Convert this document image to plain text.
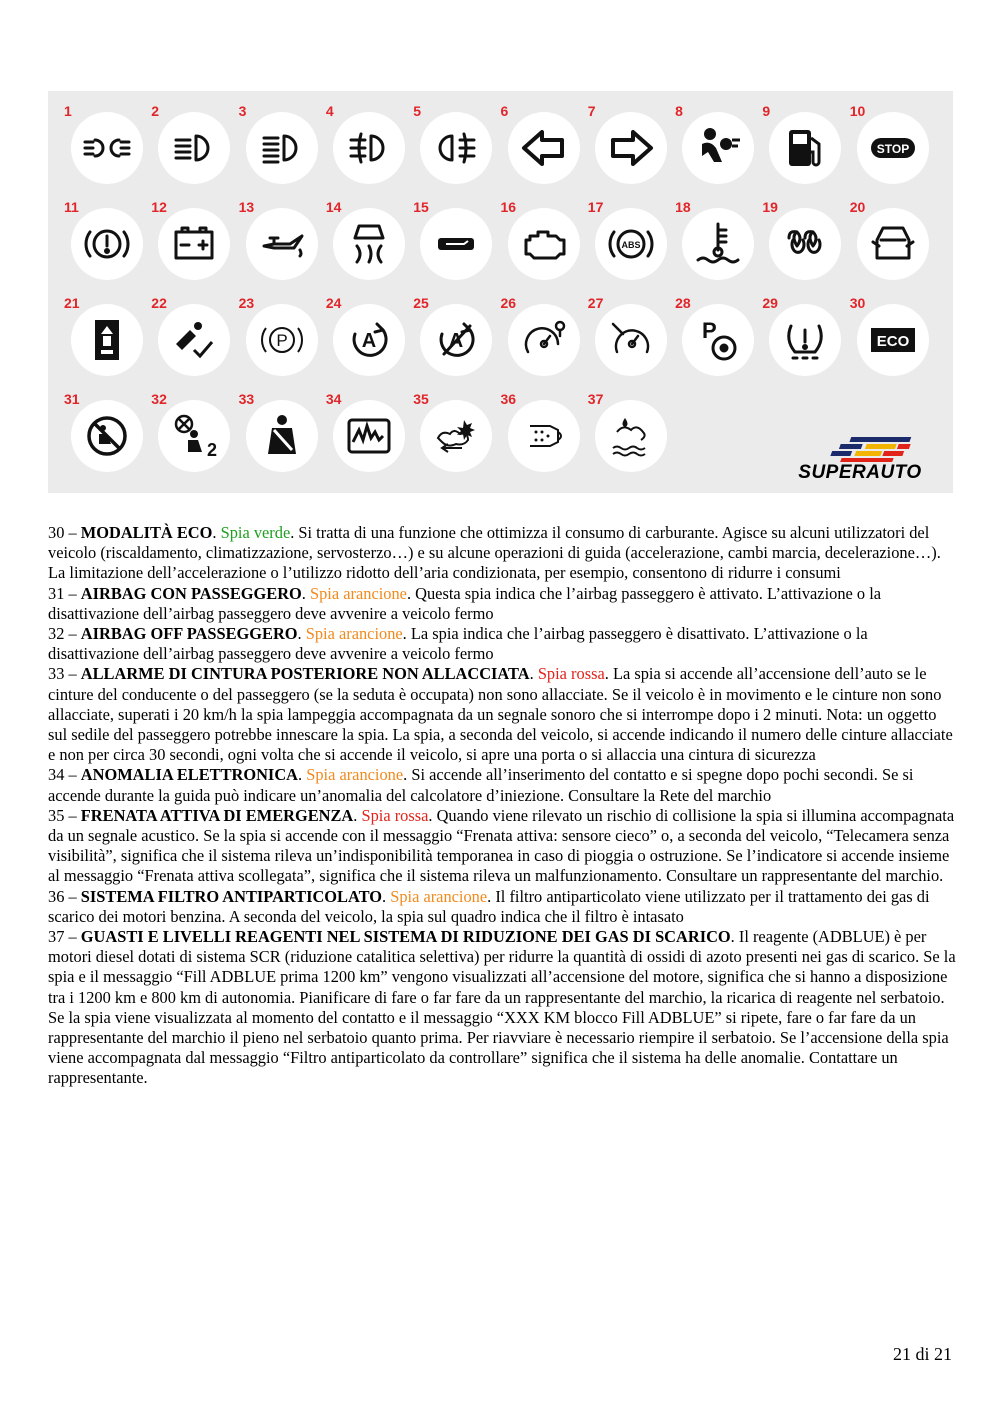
SUPERAUTO
1	2	3	4	5	6	7	8	9	10
STOP
11	12	13	14	15	16	17
ABS
18	19	20
21	22	23
P
24
A
25
A
26	27	28
P
29	30
ECO
31	32
2
33	34	35	36	37

30 – MODALITÀ ECO. Spia verde. Si tratta di una funzione che ottimizza il consumo di carburante. Agisce su alcuni utilizzatori del veicolo (riscaldamento, climatizzazione, servosterzo…) e su alcune operazioni di guida (accelerazione, cambi marcia, decelerazione…). La limitazione dell’accelerazione o l’utilizzo ridotto dell’aria condizionata, per esempio, consentono di ridurre i consumi

31 – AIRBAG CON PASSEGGERO. Spia arancione. Questa spia indica che l’airbag passeggero è attivato. L’attivazione o la disattivazione dell’airbag passeggero deve avvenire a veicolo fermo

32 – AIRBAG OFF PASSEGGERO. Spia arancione. La spia indica che l’airbag passeggero è disattivato. L’attivazione o la disattivazione dell’airbag passeggero deve avvenire a veicolo fermo

33 – ALLARME DI CINTURA POSTERIORE NON ALLACCIATA. Spia rossa. La spia si accende all’accensione dell’auto se le cinture del conducente o del passeggero (se la seduta è occupata) non sono allacciate. Se il veicolo è in movimento e le cinture non sono allacciate, superati i 20 km/h la spia lampeggia accompagnata da un segnale sonoro che si interrompe dopo i 2 minuti. Nota: un oggetto sul sedile del passeggero potrebbe innescare la spia. La spia, a seconda del veicolo, si accende indicando il numero delle cinture allacciate e non per circa 30 secondi, ogni volta che si accende il veicolo, si apre una porta o si allaccia una cintura di sicurezza

34 – ANOMALIA ELETTRONICA. Spia arancione. Si accende all’inserimento del contatto e si spegne dopo pochi secondi. Se si accende durante la guida può indicare un’anomalia del calcolatore d’iniezione. Consultare la Rete del marchio

35 – FRENATA ATTIVA DI EMERGENZA. Spia rossa. Quando viene rilevato un rischio di collisione la spia si illumina accompagnata da un segnale acustico. Se la spia si accende con il messaggio “Frenata attiva: sensore cieco” o, a seconda del veicolo, “Telecamera senza visibilità”, significa che il sistema rileva un’indisponibilità temporanea in caso di pioggia o ostruzione. Se l’indicatore si accende insieme al messaggio “Frenata attiva scollegata”, significa che il sistema rileva un malfunzionamento. Consultare un rappresentante del marchio.

36 – SISTEMA FILTRO ANTIPARTICOLATO. Spia arancione. Il filtro antiparticolato viene utilizzato per il trattamento dei gas di scarico dei motori benzina. A seconda del veicolo, la spia sul quadro indica che il filtro è intasato

37 – GUASTI E LIVELLI REAGENTI NEL SISTEMA DI RIDUZIONE DEI GAS DI SCARICO. Il reagente (ADBLUE) è per motori diesel dotati di sistema SCR (riduzione catalitica selettiva) per ridurre la quantità di ossidi di azoto presenti nei gas di scarico. Se la spia e il messaggio “Fill ADBLUE prima 1200 km” vengono visualizzati all’accensione del motore, significa che si hanno a disposizione tra i 1200 km e 800 km di autonomia. Pianificare di fare o far fare da un rappresentante del marchio, la ricarica di reagente nel serbatoio. Se la spia viene visualizzata al momento del contatto e il messaggio “XXX KM blocco Fill ADBLUE” si ripete, fare o far fare da un rappresentante del marchio il pieno nel serbatoio quanto prima. Per riavviare è necessario riempire il serbatoio. Se l’accensione della spia viene accompagnata dal messaggio “Filtro antiparticolato da controllare” significa che il sistema ha delle anomalie. Contattare un rappresentante.

21 di 21
